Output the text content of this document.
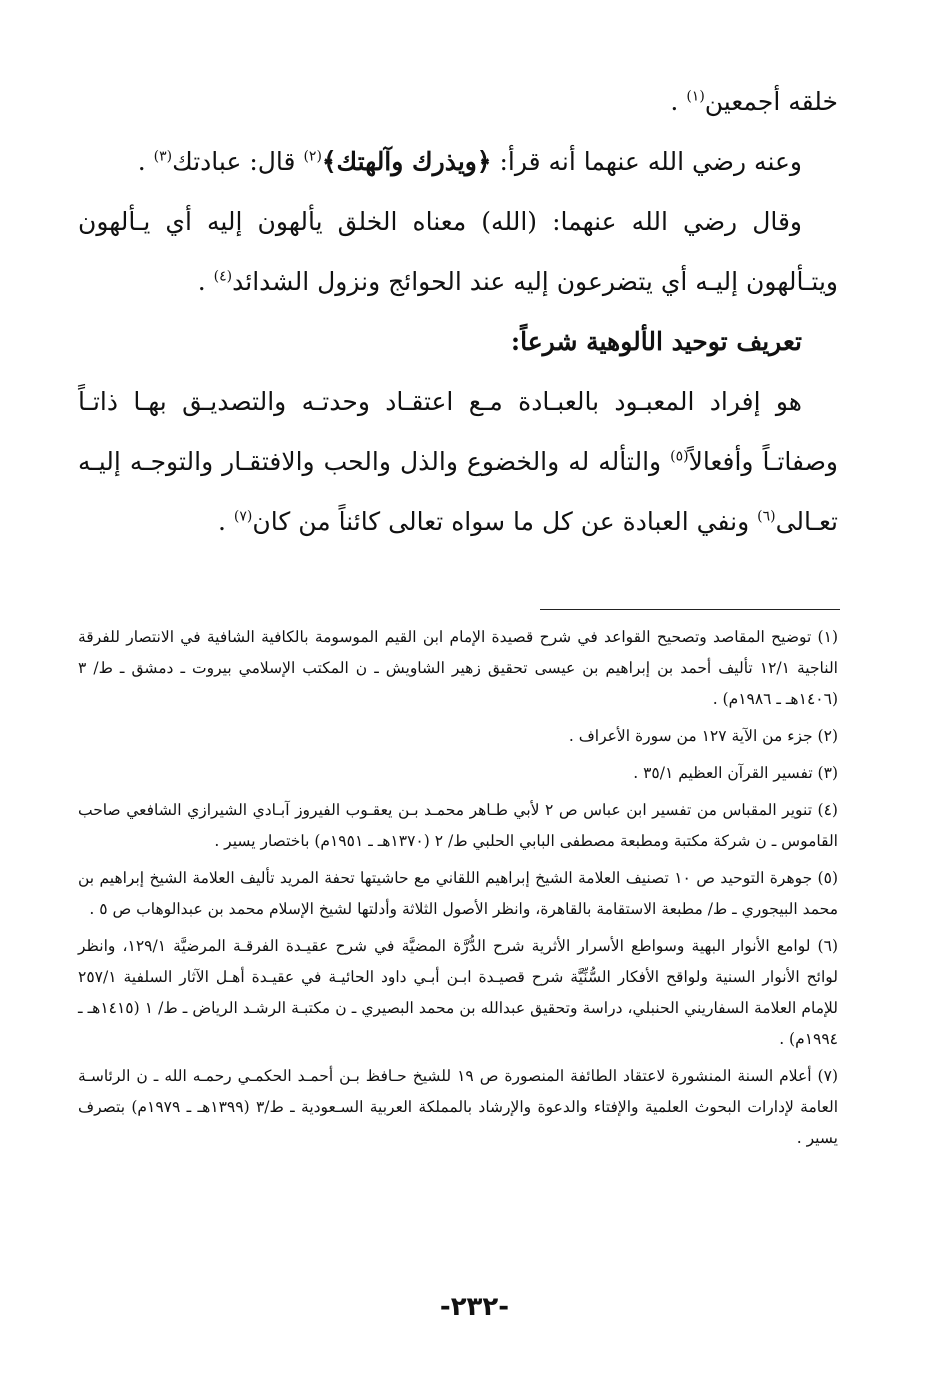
خلقه أجمعين$^{(١)}$ .

وعنه رضي الله عنهما أنه قرأ: ﴿ويذرك وآلهتك﴾$^{(٢)}$ قال: عبادتك$^{(٣)}$ .

وقال رضي الله عنهما: (الله) معناه الخلق يألهون إليه أي يـألهون ويتـألهون إليـه أي يتضرعون إليه عند الحوائج ونزول الشدائد$^{(٤)}$ .

تعريف توحيد الألوهية شرعاً:

هو إفراد المعبـود بالعبـادة مـع اعتقـاد وحدتـه والتصديـق بهـا ذاتـاً وصفاتـاً وأفعالاً$^{(٥)}$ والتأله له والخضوع والذل والحب والافتقـار والتوجـه إليـه تعـالى$^{(٦)}$ ونفي العبادة عن كل ما سواه تعالى كائناً من كان$^{(٧)}$ .

(١) توضيح المقاصد وتصحيح القواعد في شرح قصيدة الإمام ابن القيم الموسومة بالكافية الشافية في الانتصار للفرقة الناجية ١٢/١ تأليف أحمد بن إبراهيم بن عيسى تحقيق زهير الشاويش ـ ن المكتب الإسلامي بيروت ـ دمشق ـ ط/ ٣ (١٤٠٦هـ ـ ١٩٨٦م) .

(٢) جزء من الآية ١٢٧ من سورة الأعراف .

(٣) تفسير القرآن العظيم ٣٥/١ .

(٤) تنوير المقباس من تفسير ابن عباس ص ٢ لأبي طـاهر محمـد بـن يعقـوب الفيروز آبـادي الشيرازي الشافعي صاحب القاموس ـ ن شركة مكتبة ومطبعة مصطفى البابي الحلبي ط/ ٢ (١٣٧٠هـ ـ ١٩٥١م) باختصار يسير .

(٥) جوهرة التوحيد ص ١٠ تصنيف العلامة الشيخ إبراهيم اللقاني مع حاشيتها تحفة المريد تأليف العلامة الشيخ إبراهيم بن محمد البيجوري ـ ط/ مطبعة الاستقامة بالقاهرة، وانظر الأصول الثلاثة وأدلتها لشيخ الإسلام محمد بن عبدالوهاب ص ٥ .

(٦) لوامع الأنوار البهية وسواطع الأسرار الأثرية شرح الدُّرَّة المضيَّة في شرح عقيـدة الفرقـة المرضيَّة ١٢٩/١، وانظر لوائح الأنوار السنية ولواقح الأفكار السُّنِّيَّة شرح قصيـدة ابـن أبـي داود الحائيـة في عقيـدة أهـل الآثار السلفية ٢٥٧/١ للإمام العلامة السفاريني الحنبلي، دراسة وتحقيق عبدالله بن محمد البصيري ـ ن مكتبـة الرشـد الرياض ـ ط/ ١ (١٤١٥هـ ـ ١٩٩٤م) .

(٧) أعلام السنة المنشورة لاعتقاد الطائفة المنصورة ص ١٩ للشيخ حـافظ بـن أحمـد الحكمـي رحمـه الله ـ ن الرئاسـة العامة لإدارات البحوث العلمية والإفتاء والدعوة والإرشاد بالمملكة العربية السـعودية ـ ط/٣ (١٣٩٩هـ ـ ١٩٧٩م) بتصرف يسير .

-٢٣٢-
